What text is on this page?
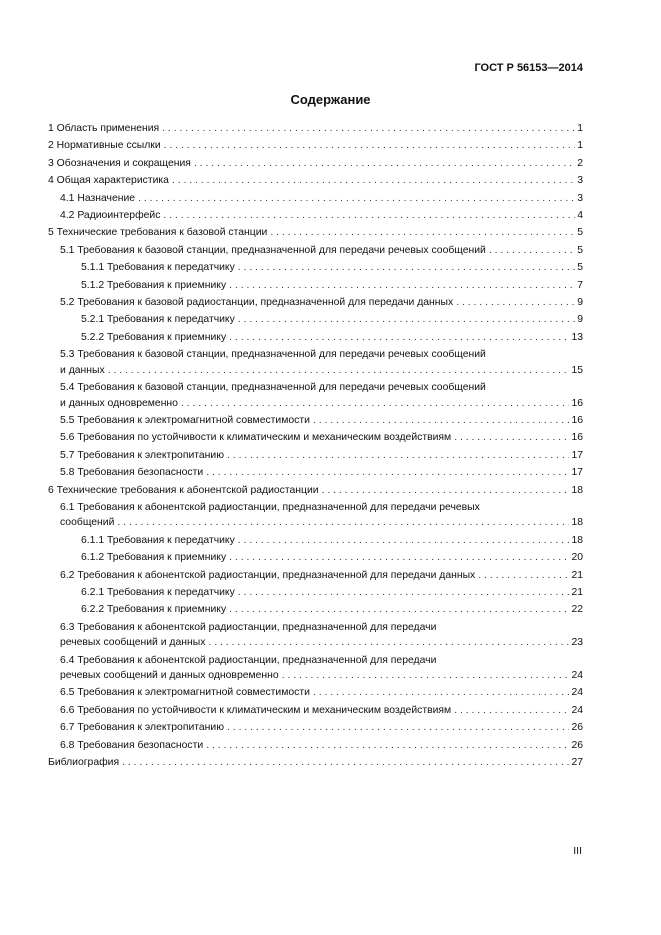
ГОСТ Р 56153—2014
Содержание
1 Область применения . . .	1
2 Нормативные ссылки . . .	1
3 Обозначения и сокращения . . .	2
4 Общая характеристика . . .	3
4.1 Назначение . . .	3
4.2 Радиоинтерфейс . . .	4
5 Технические требования к базовой станции . . .	5
5.1 Требования к базовой станции, предназначенной для передачи речевых сообщений . . .	5
5.1.1 Требования к передатчику . . .	5
5.1.2 Требования к приемнику . . .	7
5.2 Требования к базовой радиостанции, предназначенной для передачи данных . . .	9
5.2.1 Требования к передатчику . . .	9
5.2.2 Требования к приемнику . . .	13
5.3 Требования к базовой станции, предназначенной для передачи речевых сообщений
и данных . . .	15
5.4 Требования к базовой станции, предназначенной для передачи речевых сообщений
и данных одновременно . . .	16
5.5 Требования к электромагнитной совместимости . . .	16
5.6 Требования по устойчивости к климатическим и механическим воздействиям . . .	16
5.7 Требования к электропитанию . . .	17
5.8 Требования безопасности . . .	17
6 Технические требования к абонентской радиостанции . . .	18
6.1 Требования к абонентской радиостанции, предназначенной для передачи речевых
сообщений . . .	18
6.1.1 Требования к передатчику . . .	18
6.1.2 Требования к приемнику . . .	20
6.2 Требования к абонентской радиостанции, предназначенной для передачи данных . . .	21
6.2.1 Требования к передатчику . . .	21
6.2.2 Требования к приемнику . . .	22
6.3 Требования к абонентской радиостанции, предназначенной для передачи
речевых сообщений и данных . . .	23
6.4 Требования к абонентской радиостанции, предназначенной для передачи
речевых сообщений и данных одновременно . . .	24
6.5 Требования к электромагнитной совместимости . . .	24
6.6 Требования по устойчивости к климатическим и механическим воздействиям . . .	24
6.7 Требования к электропитанию . . .	26
6.8 Требования безопасности . . .	26
Библиография . . .	27
III
